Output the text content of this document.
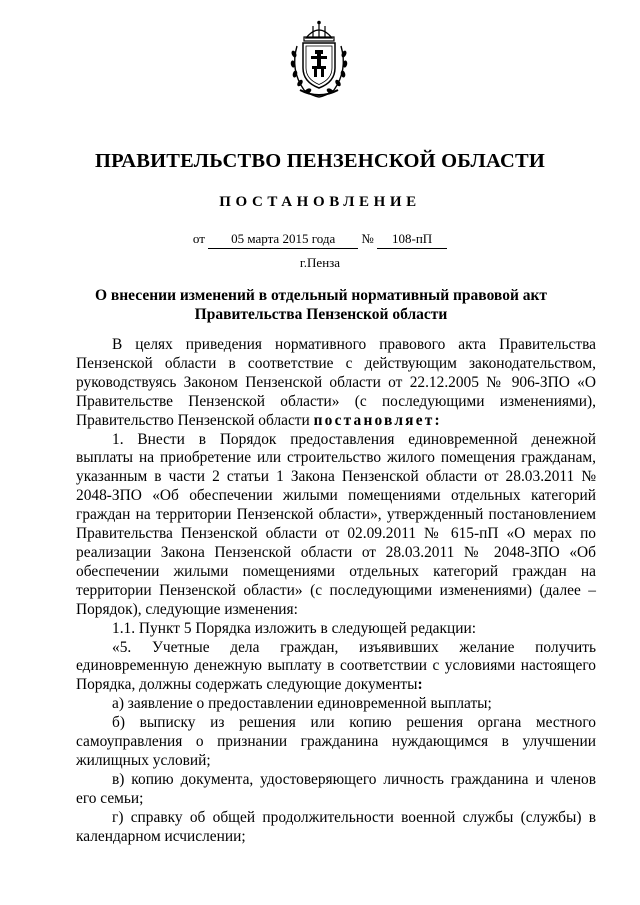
ПРАВИТЕЛЬСТВО ПЕНЗЕНСКОЙ ОБЛАСТИ
ПОСТАНОВЛЕНИЕ
от 05 марта 2015 года № 108-пП
г.Пенза
О внесении изменений в отдельный нормативный правовой акт
Правительства Пензенской области

В целях приведения нормативного правового акта Правительства Пензенской области в соответствие с действующим законодательством, руководствуясь Законом Пензенской области от 22.12.2005 № 906-ЗПО «О Правительстве Пензенской области» (с последующими изменениями), Правительство Пензенской области постановляет:

1. Внести в Порядок предоставления единовременной денежной выплаты на приобретение или строительство жилого помещения гражданам, указанным в части 2 статьи 1 Закона Пензенской области от 28.03.2011 № 2048-ЗПО «Об обеспечении жилыми помещениями отдельных категорий граждан на территории Пензенской области», утвержденный постановлением Правительства Пензенской области от 02.09.2011 № 615-пП «О мерах по реализации Закона Пензенской области от 28.03.2011 № 2048-ЗПО «Об обеспечении жилыми помещениями отдельных категорий граждан на территории Пензенской области» (с последующими изменениями) (далее – Порядок), следующие изменения:

1.1. Пункт 5 Порядка изложить в следующей редакции:

«5. Учетные дела граждан, изъявивших желание получить единовременную денежную выплату в соответствии с условиями настоящего Порядка, должны содержать следующие документы:

а) заявление о предоставлении единовременной выплаты;

б) выписку из решения или копию решения органа местного самоуправления о признании гражданина нуждающимся в улучшении жилищных условий;

в) копию документа, удостоверяющего личность гражданина и членов его семьи;

г) справку об общей продолжительности военной службы (службы) в календарном исчислении;
